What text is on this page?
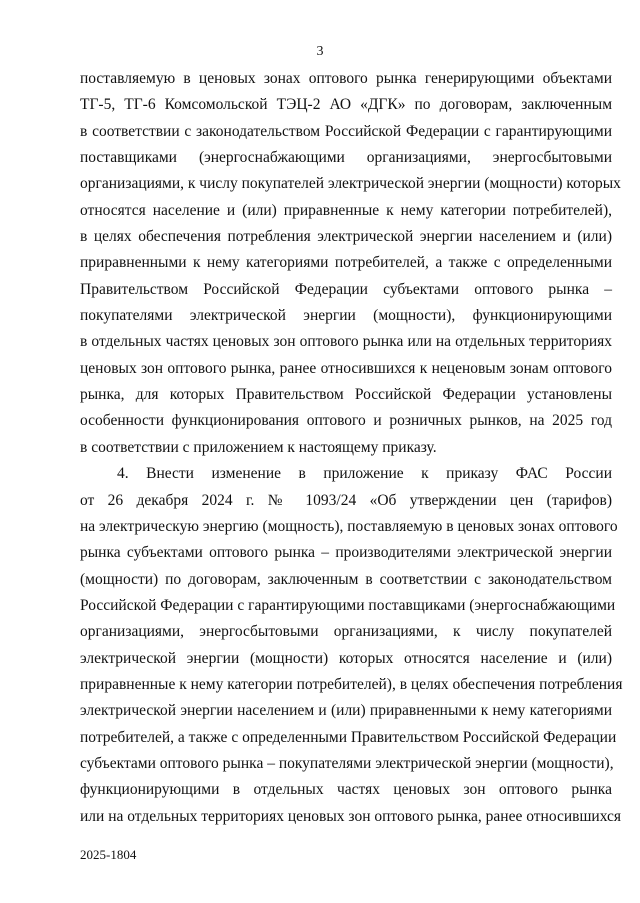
3
поставляемую в ценовых зонах оптового рынка генерирующими объектами
ТГ-5, ТГ-6 Комсомольской ТЭЦ-2 АО «ДГК» по договорам, заключенным
в соответствии с законодательством Российской Федерации с гарантирующими
поставщиками (энергоснабжающими организациями, энергосбытовыми
организациями, к числу покупателей электрической энергии (мощности) которых
относятся население и (или) приравненные к нему категории потребителей),
в целях обеспечения потребления электрической энергии населением и (или)
приравненными к нему категориями потребителей, а также с определенными
Правительством Российской Федерации субъектами оптового рынка –
покупателями электрической энергии (мощности), функционирующими
в отдельных частях ценовых зон оптового рынка или на отдельных территориях
ценовых зон оптового рынка, ранее относившихся к неценовым зонам оптового
рынка, для которых Правительством Российской Федерации установлены
особенности функционирования оптового и розничных рынков, на 2025 год
в соответствии с приложением к настоящему приказу.
4. Внести изменение в приложение к приказу ФАС России
от 26 декабря 2024 г. № 1093/24 «Об утверждении цен (тарифов)
на электрическую энергию (мощность), поставляемую в ценовых зонах оптового
рынка субъектами оптового рынка – производителями электрической энергии
(мощности) по договорам, заключенным в соответствии с законодательством
Российской Федерации с гарантирующими поставщиками (энергоснабжающими
организациями, энергосбытовыми организациями, к числу покупателей
электрической энергии (мощности) которых относятся население и (или)
приравненные к нему категории потребителей), в целях обеспечения потребления
электрической энергии населением и (или) приравненными к нему категориями
потребителей, а также с определенными Правительством Российской Федерации
субъектами оптового рынка – покупателями электрической энергии (мощности),
функционирующими в отдельных частях ценовых зон оптового рынка
или на отдельных территориях ценовых зон оптового рынка, ранее относившихся
2025-1804
